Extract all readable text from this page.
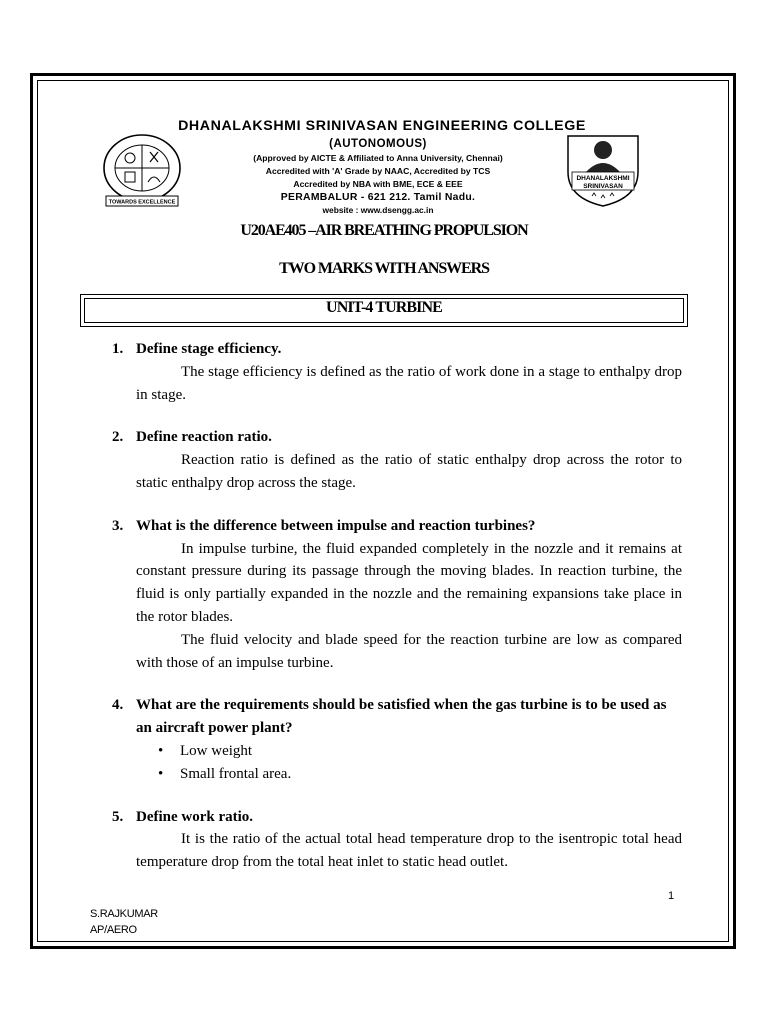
TOWARDS EXCELLENCE
DHANALAKSHMI SRINIVASAN ENGINEERING COLLEGE
(AUTONOMOUS)
(Approved by AICTE & Affiliated to Anna University, Chennai)
Accredited with 'A' Grade by NAAC, Accredited by TCS
Accredited by NBA with BME, ECE & EEE
PERAMBALUR - 621 212. Tamil Nadu.
website : www.dsengg.ac.in
DHANALAKSHMI
SRINIVASAN
U20AE405 –AIR BREATHING PROPULSION
TWO MARKS WITH ANSWERS
UNIT-4 TURBINE
1. Define stage efficiency.
The stage efficiency is defined as the ratio of work done in a stage to enthalpy drop in stage.
2. Define reaction ratio.
Reaction ratio is defined as the ratio of static enthalpy drop across the rotor to static enthalpy drop across the stage.
3. What is the difference between impulse and reaction turbines?
In impulse turbine, the fluid expanded completely in the nozzle and it remains at constant pressure during its passage through the moving blades. In reaction turbine, the fluid is only partially expanded in the nozzle and the remaining expansions take place in the rotor blades.
The fluid velocity and blade speed for the reaction turbine are low as compared with those of an impulse turbine.
4. What are the requirements should be satisfied when the gas turbine is to be used as an aircraft power plant?
• Low weight
• Small frontal area.
5. Define work ratio.
It is the ratio of the actual total head temperature drop to the isentropic total head temperature drop from the total heat inlet to static head outlet.
1
S.RAJKUMAR
AP/AERO
